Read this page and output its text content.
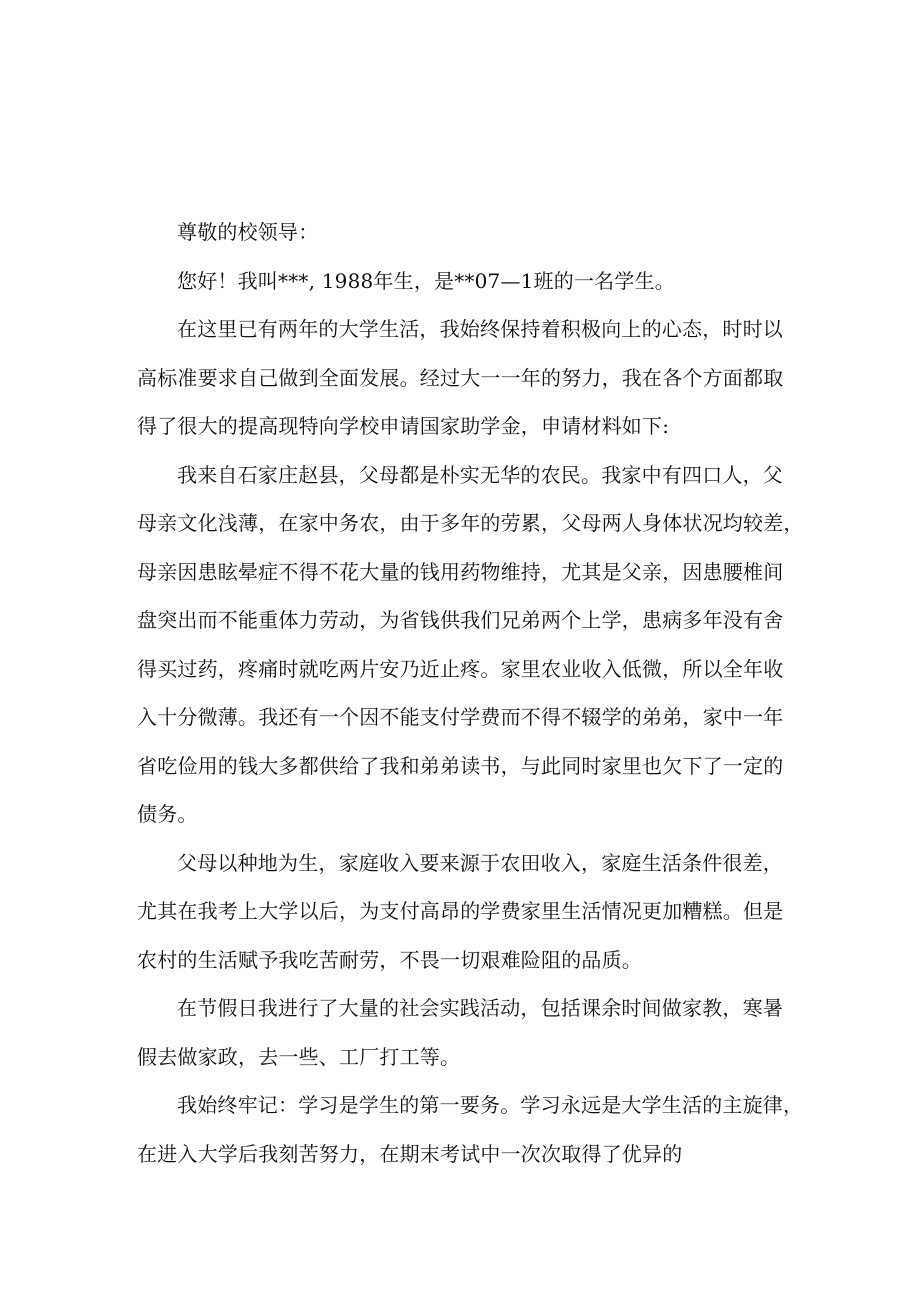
尊敬的校领导：
您好！我叫***, 1988年生，是**07—1班的一名学生。
在这里已有两年的大学生活，我始终保持着积极向上的心态，时时以
高标准要求自己做到全面发展。经过大一一年的努力，我在各个方面都取
得了很大的提高现特向学校申请国家助学金，申请材料如下:
我来自石家庄赵县，父母都是朴实无华的农民。我家中有四口人，父
母亲文化浅薄，在家中务农，由于多年的劳累，父母两人身体状况均较差，
母亲因患眩晕症不得不花大量的钱用药物维持，尤其是父亲，因患腰椎间
盘突出而不能重体力劳动，为省钱供我们兄弟两个上学，患病多年没有舍
得买过药，疼痛时就吃两片安乃近止疼。家里农业收入低微，所以全年收
入十分微薄。我还有一个因不能支付学费而不得不辍学的弟弟，家中一年
省吃俭用的钱大多都供给了我和弟弟读书，与此同时家里也欠下了一定的
债务。
父母以种地为生，家庭收入要来源于农田收入，家庭生活条件很差，
尤其在我考上大学以后，为支付高昂的学费家里生活情况更加糟糕。但是
农村的生活赋予我吃苦耐劳，不畏一切艰难险阻的品质。
在节假日我进行了大量的社会实践活动，包括课余时间做家教，寒暑
假去做家政，去一些、工厂打工等。
我始终牢记：学习是学生的第一要务。学习永远是大学生活的主旋律，
在进入大学后我刻苦努力，在期末考试中一次次取得了优异的
